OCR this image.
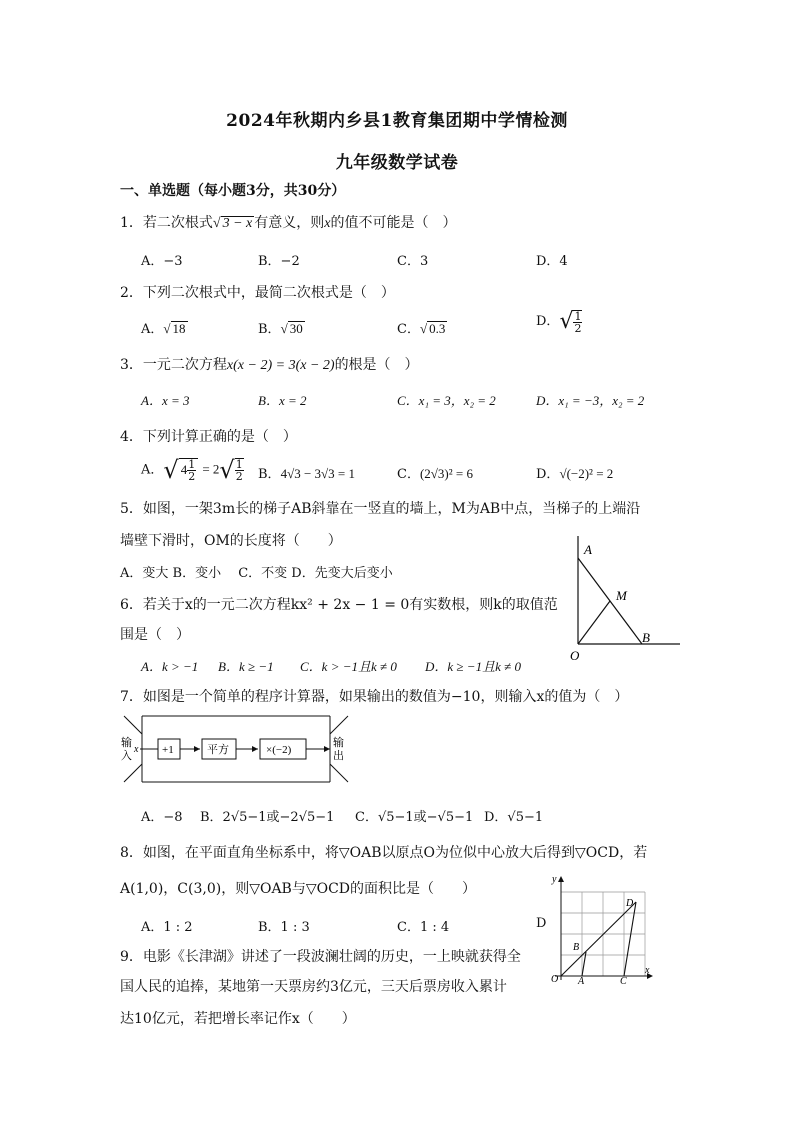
2024年秋期内乡县1教育集团期中学情检测
九年级数学试卷
一、单选题（每小题3分，共30分）
1．若二次根式√ 3 − x 有意义，则x的值不可能是（　）
A．−3	B．−2	C．3	D．4
2．下列二次根式中，最简二次根式是（　）
A．√ 18	B．√ 30	C．√ 0.3	D．√ $\frac{1}{2}$
3．一元二次方程x(x − 2) = 3(x − 2)的根是（　）
A．x = 3	B．x = 2	C．x₁ = 3，x₂ = 2	D．x₁ = −3，x₂ = 2
4．下列计算正确的是（　）
A．√ $4 \frac{1}{2} = 2√ \frac{1}{2}$ B．4√3 − 3√3 = 1	C．(2√3)² = 6	D．√(−2)² = 2
5．如图，一架3m长的梯子AB斜靠在一竖直的墙上，M为AB中点，当梯子的上端沿
墙壁下滑时，OM的长度将（　　）
A．变大 B．变小　 C．不变 D．先变大后变小
A
M
B
O
6．若关于x的一元二次方程kx² + 2x − 1 = 0有实数根，则k的取值范
围是（　）
A．k > −1 B．k ≥ −1 C．k > −1且k ≠ 0 D．k ≥ −1且k ≠ 0
7．如图是一个简单的程序计算器，如果输出的数值为−10，则输入x的值为（　）
输
入
x +1	平方	×(−2)
输
出
A．−8 B．2√5−1或−2√5−1 C．√5−1或−√5−1 D．√5−1
8．如图，在平面直角坐标系中，将▽OAB以原点O为位似中心放大后得到▽OCD，若
A(1,0)，C(3,0)，则▽OAB与▽OCD的面积比是（　　）
A．1 : 2	B．1 : 3	C．1 : 4	D
y
x
O
B
D
A	C
9．电影《长津湖》讲述了一段波澜壮阔的历史，一上映就获得全
国人民的追捧，某地第一天票房约3亿元，三天后票房收入累计
达10亿元，若把增长率记作x（　　）
